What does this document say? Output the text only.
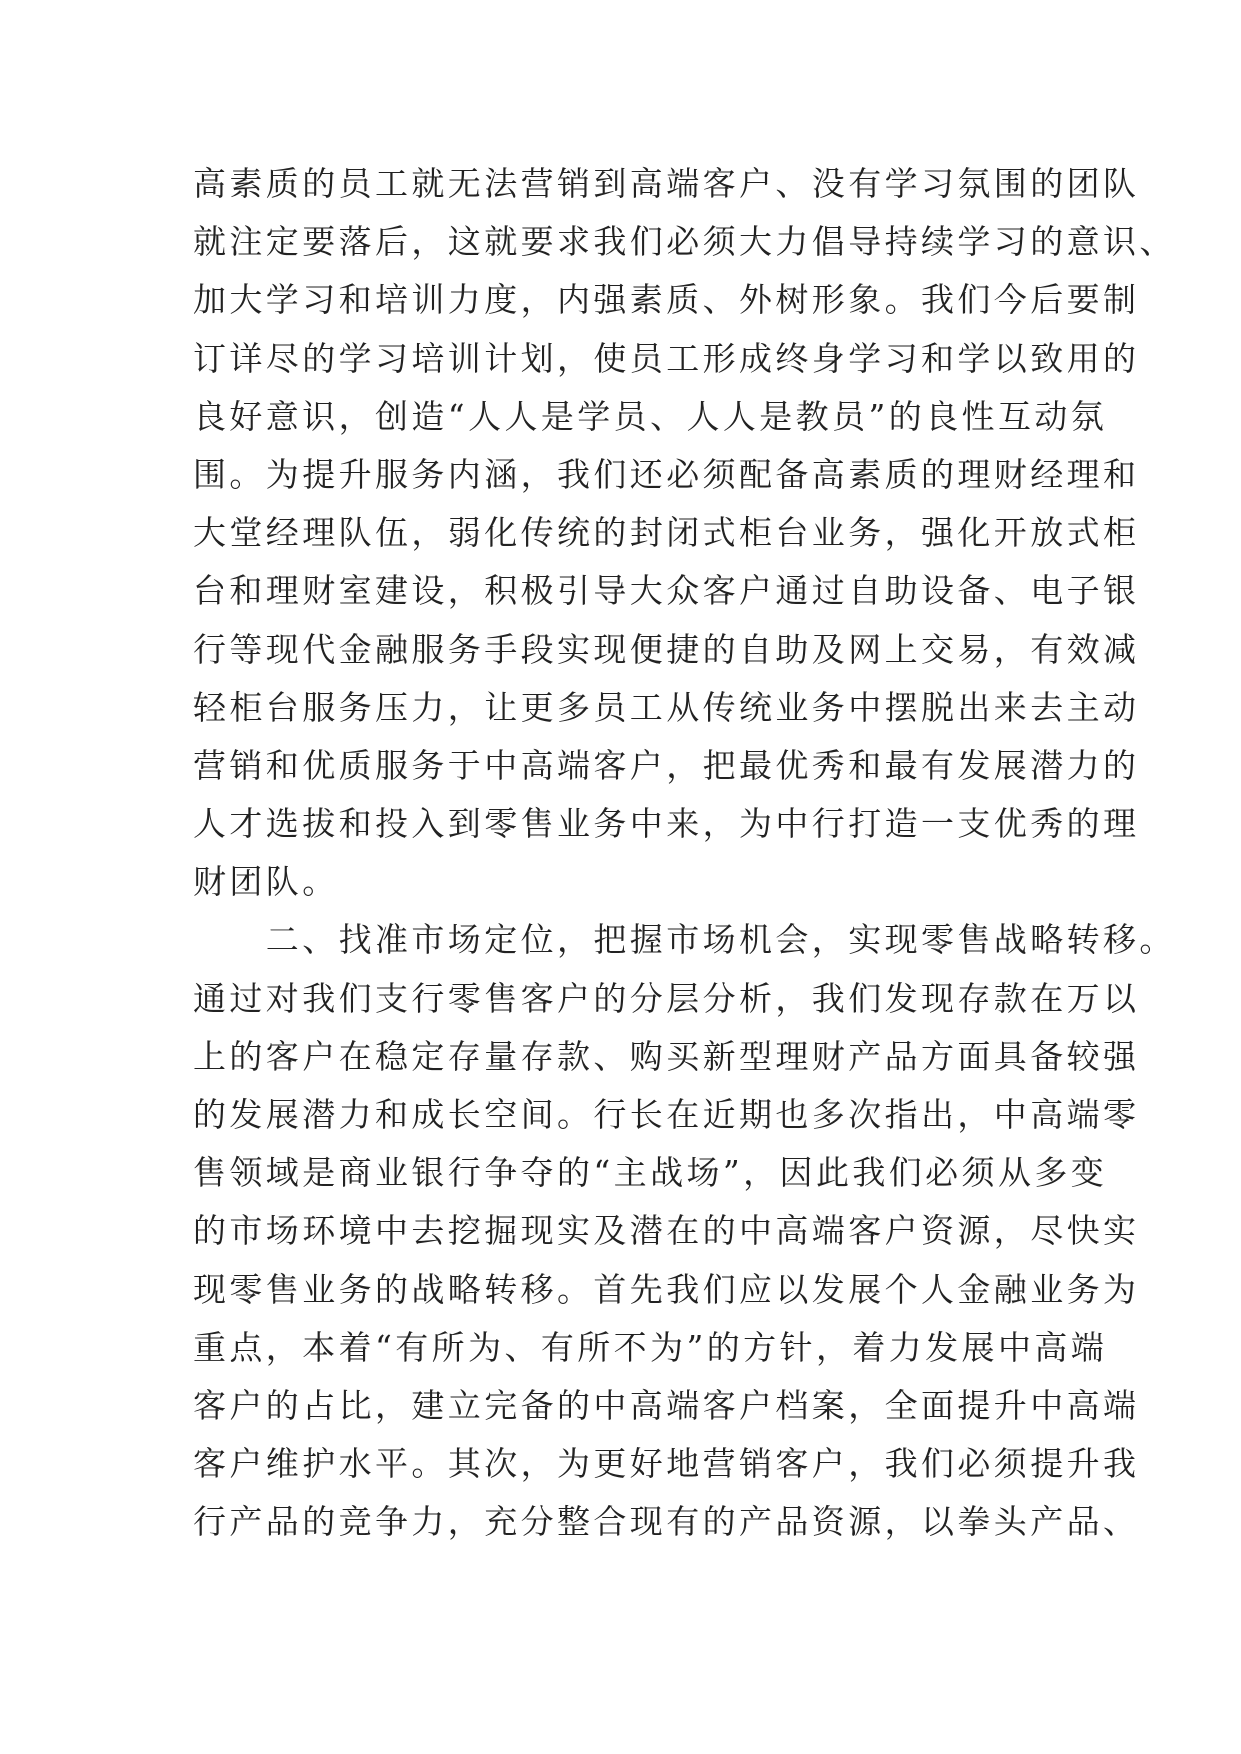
高素质的员工就无法营销到高端客户、没有学习氛围的团队
就注定要落后，这就要求我们必须大力倡导持续学习的意识、
加大学习和培训力度，内强素质、外树形象。我们今后要制
订详尽的学习培训计划，使员工形成终身学习和学以致用的
良好意识，创造“人人是学员、人人是教员”的良性互动氛
围。为提升服务内涵，我们还必须配备高素质的理财经理和
大堂经理队伍，弱化传统的封闭式柜台业务，强化开放式柜
台和理财室建设，积极引导大众客户通过自助设备、电子银
行等现代金融服务手段实现便捷的自助及网上交易，有效减
轻柜台服务压力，让更多员工从传统业务中摆脱出来去主动
营销和优质服务于中高端客户，把最优秀和最有发展潜力的
人才选拔和投入到零售业务中来，为中行打造一支优秀的理
财团队。
　　二、找准市场定位，把握市场机会，实现零售战略转移。
通过对我们支行零售客户的分层分析，我们发现存款在万以
上的客户在稳定存量存款、购买新型理财产品方面具备较强
的发展潜力和成长空间。行长在近期也多次指出，中高端零
售领域是商业银行争夺的“主战场”，因此我们必须从多变
的市场环境中去挖掘现实及潜在的中高端客户资源，尽快实
现零售业务的战略转移。首先我们应以发展个人金融业务为
重点，本着“有所为、有所不为”的方针，着力发展中高端
客户的占比，建立完备的中高端客户档案，全面提升中高端
客户维护水平。其次，为更好地营销客户，我们必须提升我
行产品的竞争力，充分整合现有的产品资源，以拳头产品、
